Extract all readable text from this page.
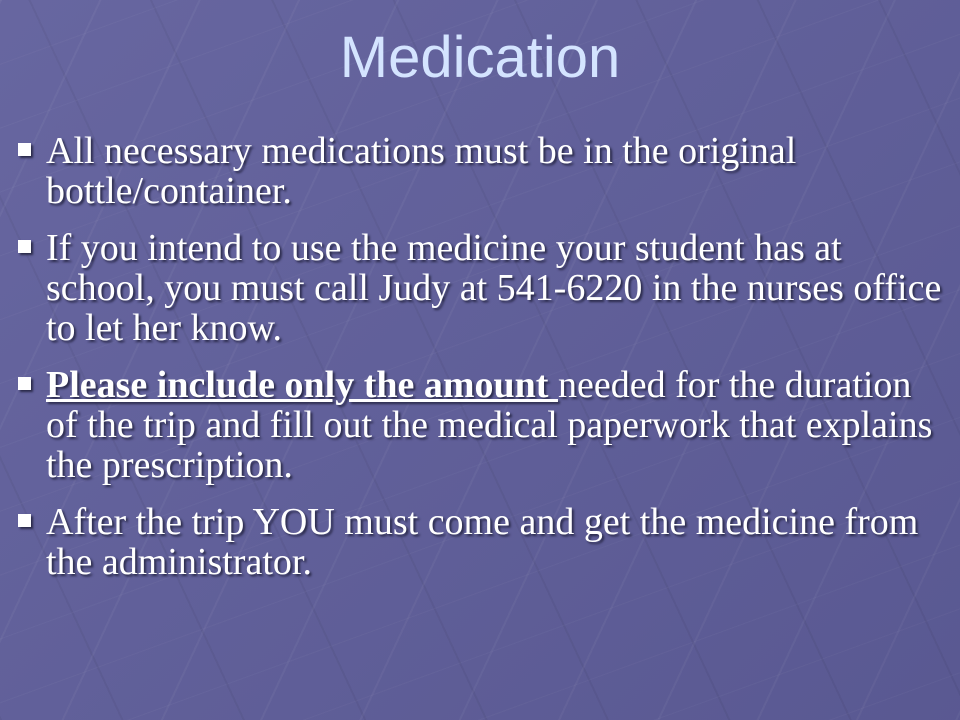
Medication
All necessary medications must be in the original bottle/container.
If you intend to use the medicine your student has at school, you must call Judy at 541-6220 in the nurses office to let her know.
Please include only the amount needed for the duration of the trip and fill out the medical paperwork that explains the prescription.
After the trip YOU must come and get the medicine from the administrator.
